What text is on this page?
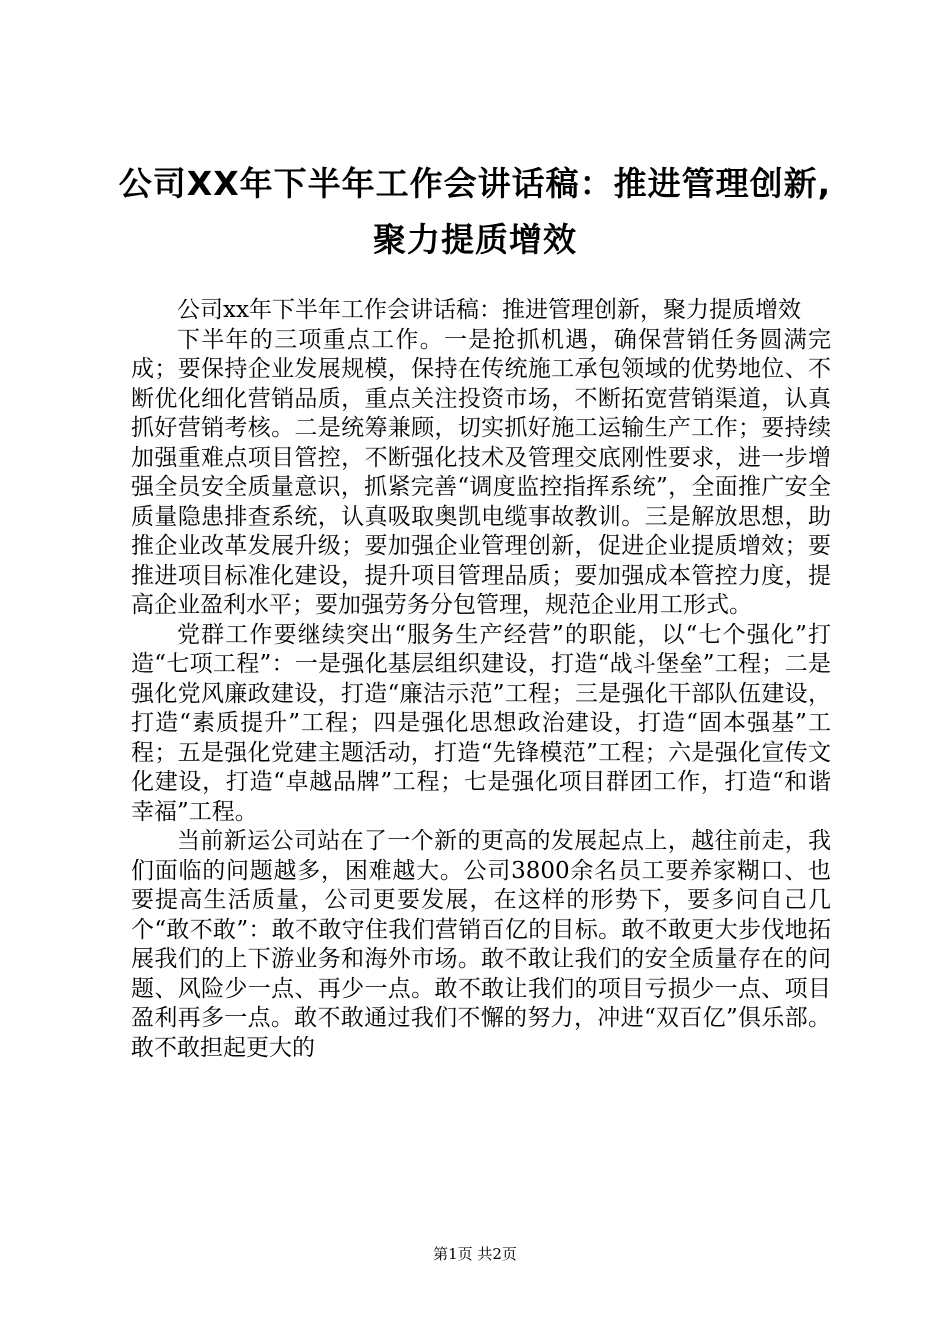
公司XX年下半年工作会讲话稿：推进管理创新,聚力提质增效

公司xx年下半年工作会讲话稿：推进管理创新，聚力提质增效

下半年的三项重点工作。一是抢抓机遇，确保营销任务圆满完成；要保持企业发展规模，保持在传统施工承包领域的优势地位、不断优化细化营销品质，重点关注投资市场，不断拓宽营销渠道，认真抓好营销考核。二是统筹兼顾，切实抓好施工运输生产工作；要持续加强重难点项目管控，不断强化技术及管理交底刚性要求，进一步增强全员安全质量意识，抓紧完善“调度监控指挥系统”，全面推广安全质量隐患排查系统，认真吸取奥凯电缆事故教训。三是解放思想，助推企业改革发展升级；要加强企业管理创新，促进企业提质增效；要推进项目标准化建设，提升项目管理品质；要加强成本管控力度，提高企业盈利水平；要加强劳务分包管理，规范企业用工形式。

党群工作要继续突出“服务生产经营”的职能，以“七个强化”打造“七项工程”：一是强化基层组织建设，打造“战斗堡垒”工程；二是强化党风廉政建设，打造“廉洁示范”工程；三是强化干部队伍建设，打造“素质提升”工程；四是强化思想政治建设，打造“固本强基”工程；五是强化党建主题活动，打造“先锋模范”工程；六是强化宣传文化建设，打造“卓越品牌”工程；七是强化项目群团工作，打造“和谐幸福”工程。

当前新运公司站在了一个新的更高的发展起点上，越往前走，我们面临的问题越多，困难越大。公司3800余名员工要养家糊口、也要提高生活质量，公司更要发展，在这样的形势下，要多问自己几个“敢不敢”：敢不敢守住我们营销百亿的目标。敢不敢更大步伐地拓展我们的上下游业务和海外市场。敢不敢让我们的安全质量存在的问题、风险少一点、再少一点。敢不敢让我们的项目亏损少一点、项目盈利再多一点。敢不敢通过我们不懈的努力，冲进“双百亿”俱乐部。敢不敢担起更大的

第1页 共2页
